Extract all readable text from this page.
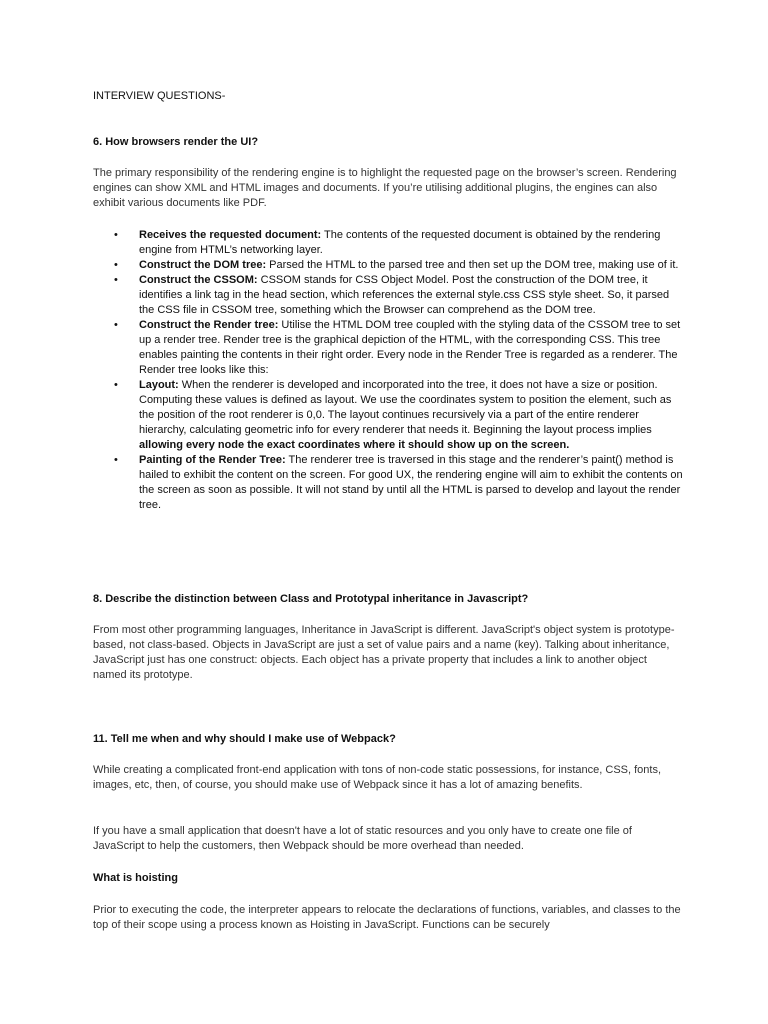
INTERVIEW QUESTIONS-

6. How browsers render the UI?

The primary responsibility of the rendering engine is to highlight the requested page on the browser’s screen. Rendering engines can show XML and HTML images and documents. If you’re utilising additional plugins, the engines can also exhibit various documents like PDF.

• Receives the requested document: The contents of the requested document is obtained by the rendering engine from HTML’s networking layer.
• Construct the DOM tree: Parsed the HTML to the parsed tree and then set up the DOM tree, making use of it.
• Construct the CSSOM: CSSOM stands for CSS Object Model. Post the construction of the DOM tree, it identifies a link tag in the head section, which references the external style.css CSS style sheet. So, it parsed the CSS file in CSSOM tree, something which the Browser can comprehend as the DOM tree.
• Construct the Render tree: Utilise the HTML DOM tree coupled with the styling data of the CSSOM tree to set up a render tree. Render tree is the graphical depiction of the HTML, with the corresponding CSS. This tree enables painting the contents in their right order. Every node in the Render Tree is regarded as a renderer. The Render tree looks like this:
• Layout: When the renderer is developed and incorporated into the tree, it does not have a size or position. Computing these values is defined as layout. We use the coordinates system to position the element, such as the position of the root renderer is 0,0. The layout continues recursively via a part of the entire renderer hierarchy, calculating geometric info for every renderer that needs it. Beginning the layout process implies allowing every node the exact coordinates where it should show up on the screen.
• Painting of the Render Tree: The renderer tree is traversed in this stage and the renderer’s paint() method is hailed to exhibit the content on the screen. For good UX, the rendering engine will aim to exhibit the contents on the screen as soon as possible. It will not stand by until all the HTML is parsed to develop and layout the render tree.

8. Describe the distinction between Class and Prototypal inheritance in Javascript?

From most other programming languages, Inheritance in JavaScript is different. JavaScript's object system is prototype-based, not class-based. Objects in JavaScript are just a set of value pairs and a name (key). Talking about inheritance, JavaScript just has one construct: objects. Each object has a private property that includes a link to another object named its prototype.

11. Tell me when and why should I make use of Webpack?

While creating a complicated front-end application with tons of non-code static possessions, for instance, CSS, fonts, images, etc, then, of course, you should make use of Webpack since it has a lot of amazing benefits.

If you have a small application that doesn't have a lot of static resources and you only have to create one file of JavaScript to help the customers, then Webpack should be more overhead than needed.

What is hoisting

Prior to executing the code, the interpreter appears to relocate the declarations of functions, variables, and classes to the top of their scope using a process known as Hoisting in JavaScript. Functions can be securely
